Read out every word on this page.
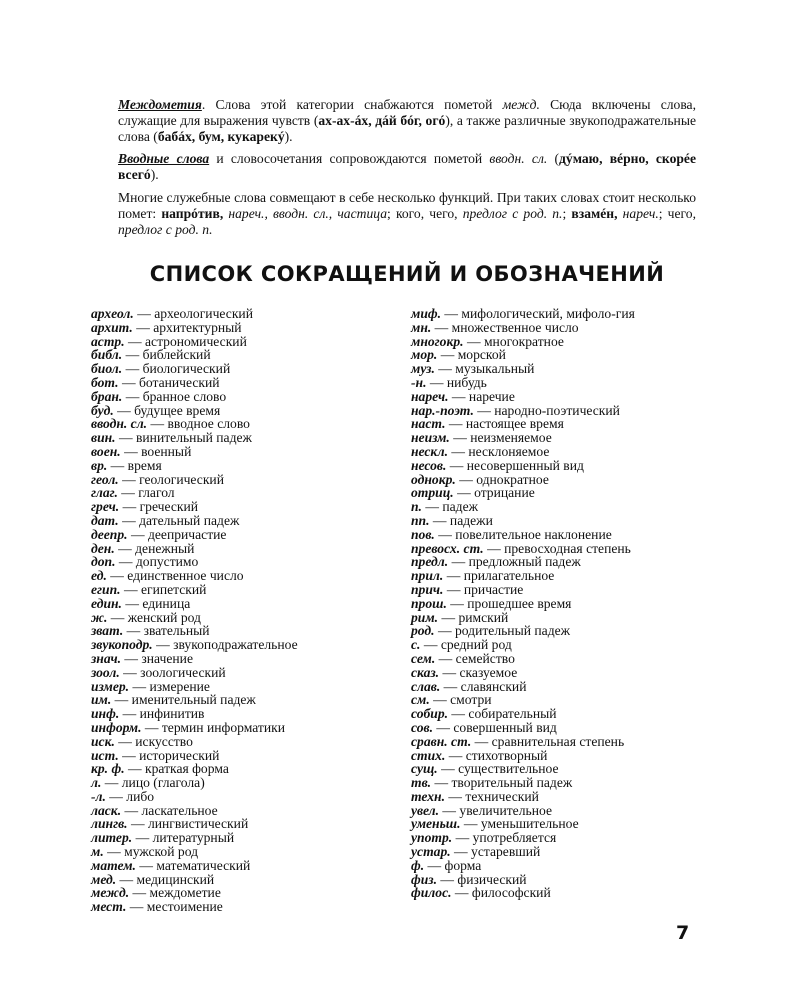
Междометия. Слова этой категории снабжаются пометой межд. Сюда включены слова, служащие для выражения чувств (ах-ах-áх, дáй бóг, огó), а также различные звукоподражательные слова (бабáх, бум, кукарекý).

Вводные слова и словосочетания сопровождаются пометой вводн. сл. (дýмаю, вéрно, скорéе всегó).

Многие служебные слова совмещают в себе несколько функций. При таких словах стоит несколько помет: напрóтив, нареч., вводн. сл., частица; кого, чего, предлог с род. п.; взамéн, нареч.; чего, предлог с род. п.

СПИСОК СОКРАЩЕНИЙ И ОБОЗНАЧЕНИЙ
археол. — археологический
архит. — архитектурный
астр. — астрономический
библ. — библейский
биол. — биологический
бот. — ботанический
бран. — бранное слово
буд. — будущее время
вводн. сл. — вводное слово
вин. — винительный падеж
воен. — военный
вр. — время
геол. — геологический
глаг. — глагол
греч. — греческий
дат. — дательный падеж
деепр. — деепричастие
ден. — денежный
доп. — допустимо
ед. — единственное число
егип. — египетский
един. — единица
ж. — женский род
зват. — звательный
звукоподр. — звукоподражательное
знач. — значение
зоол. — зоологический
измер. — измерение
им. — именительный падеж
инф. — инфинитив
информ. — термин информатики
иск. — искусство
ист. — исторический
кр. ф. — краткая форма
л. — лицо (глагола)
-л. — либо
ласк. — ласкательное
лингв. — лингвистический
литер. — литературный
м. — мужской род
матем. — математический
мед. — медицинский
межд. — междометие
мест. — местоимение
миф. — мифологический, мифоло-гия
мн. — множественное число
многокр. — многократное
мор. — морской
муз. — музыкальный
-н. — нибудь
нареч. — наречие
нар.-поэт. — народно-поэтический
наст. — настоящее время
неизм. — неизменяемое
нескл. — несклоняемое
несов. — несовершенный вид
однокр. — однократное
отриц. — отрицание
п. — падеж
пп. — падежи
пов. — повелительное наклонение
превосх. ст. — превосходная степень
предл. — предложный падеж
прил. — прилагательное
прич. — причастие
прош. — прошедшее время
рим. — римский
род. — родительный падеж
с. — средний род
сем. — семейство
сказ. — сказуемое
слав. — славянский
см. — смотри
собир. — собирательный
сов. — совершенный вид
сравн. ст. — сравнительная степень
стих. — стихотворный
сущ. — существительное
тв. — творительный падеж
техн. — технический
увел. — увеличительное
уменьш. — уменьшительное
употр. — употребляется
устар. — устаревший
ф. — форма
физ. — физический
филос. — философский
7
